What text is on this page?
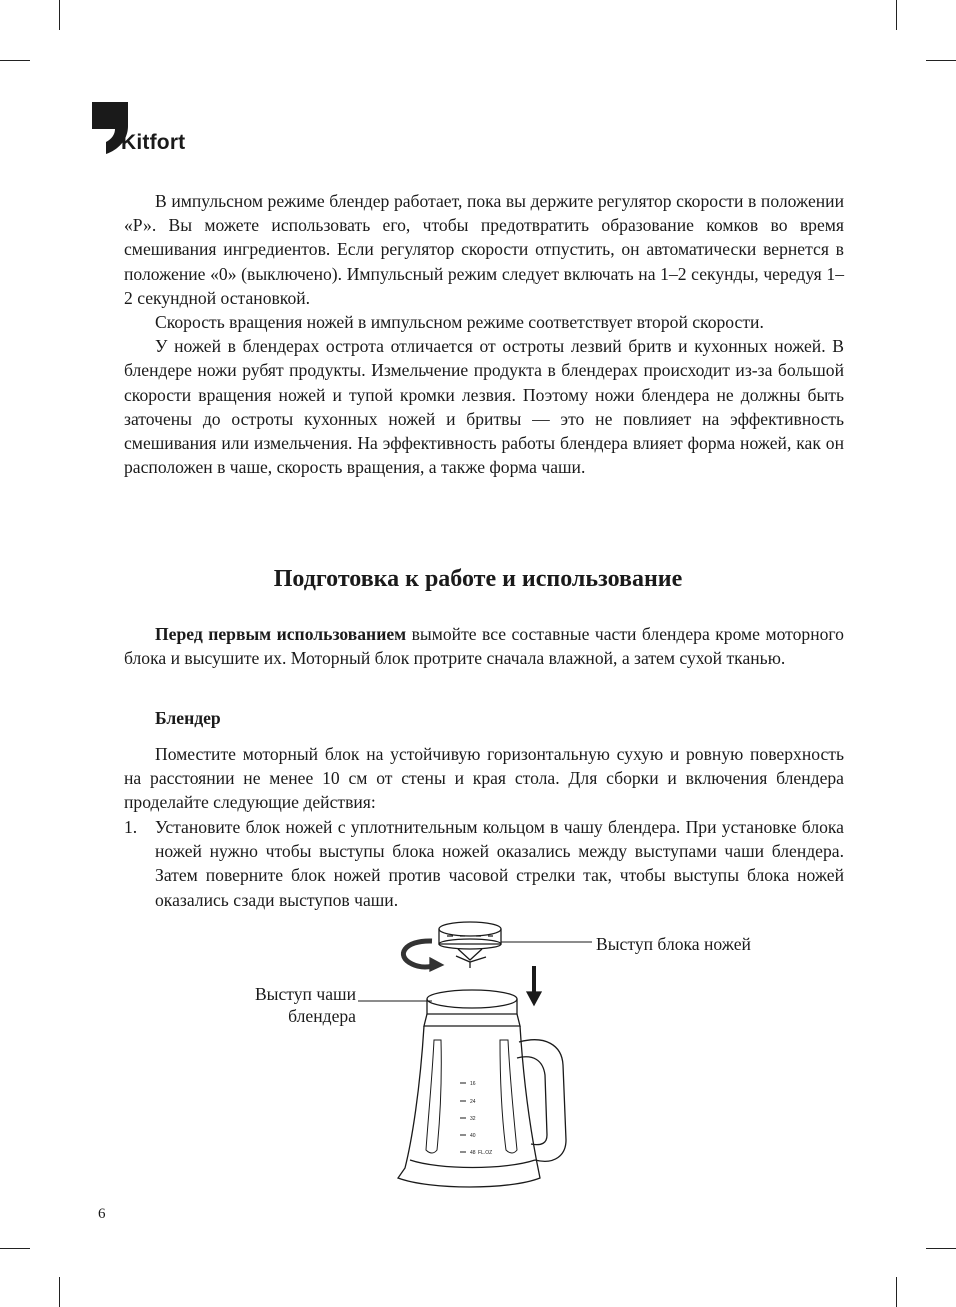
Kitfort

В импульсном режиме блендер работает, пока вы держите регулятор скорости в положении «Р». Вы можете использовать его, чтобы предотвратить образование комков во время смешивания ингредиентов. Если регулятор скорости отпустить, он автоматически вернется в положение «0» (выключено). Импульсный режим следует включать на 1–2 секунды, чередуя 1–2 секундной остановкой.

Скорость вращения ножей в импульсном режиме соответствует второй скорости.

У ножей в блендерах острота отличается от остроты лезвий бритв и кухонных ножей. В блендере ножи рубят продукты. Измельчение продукта в блендерах происходит из-за большой скорости вращения ножей и тупой кромки лезвия. Поэтому ножи блендера не должны быть заточены до остроты кухонных ножей и бритвы — это не повлияет на эффективность смешивания или измельчения. На эффективность работы блендера влияет форма ножей, как он расположен в чаше, скорость вращения, а также форма чаши.

Подготовка к работе и использование

Перед первым использованием вымойте все составные части блендера кроме моторного блока и высушите их. Моторный блок протрите сначала влажной, а затем сухой тканью.

Блендер

Поместите моторный блок на устойчивую горизонтальную сухую и ровную поверхность на расстоянии не менее 10 см от стены и края стола. Для сборки и включения блендера проделайте следующие действия:

1. Установите блок ножей с уплотнительным кольцом в чашу блендера. При установке блока ножей нужно чтобы выступы блока ножей оказались между выступами чаши блендера. Затем поверните блок ножей против часовой стрелки так, чтобы выступы блока ножей оказались сзади выступов чаши.
16
24
32
40
48 FL.OZ
Выступ блока ножей
Выступ чаши
блендера
6
